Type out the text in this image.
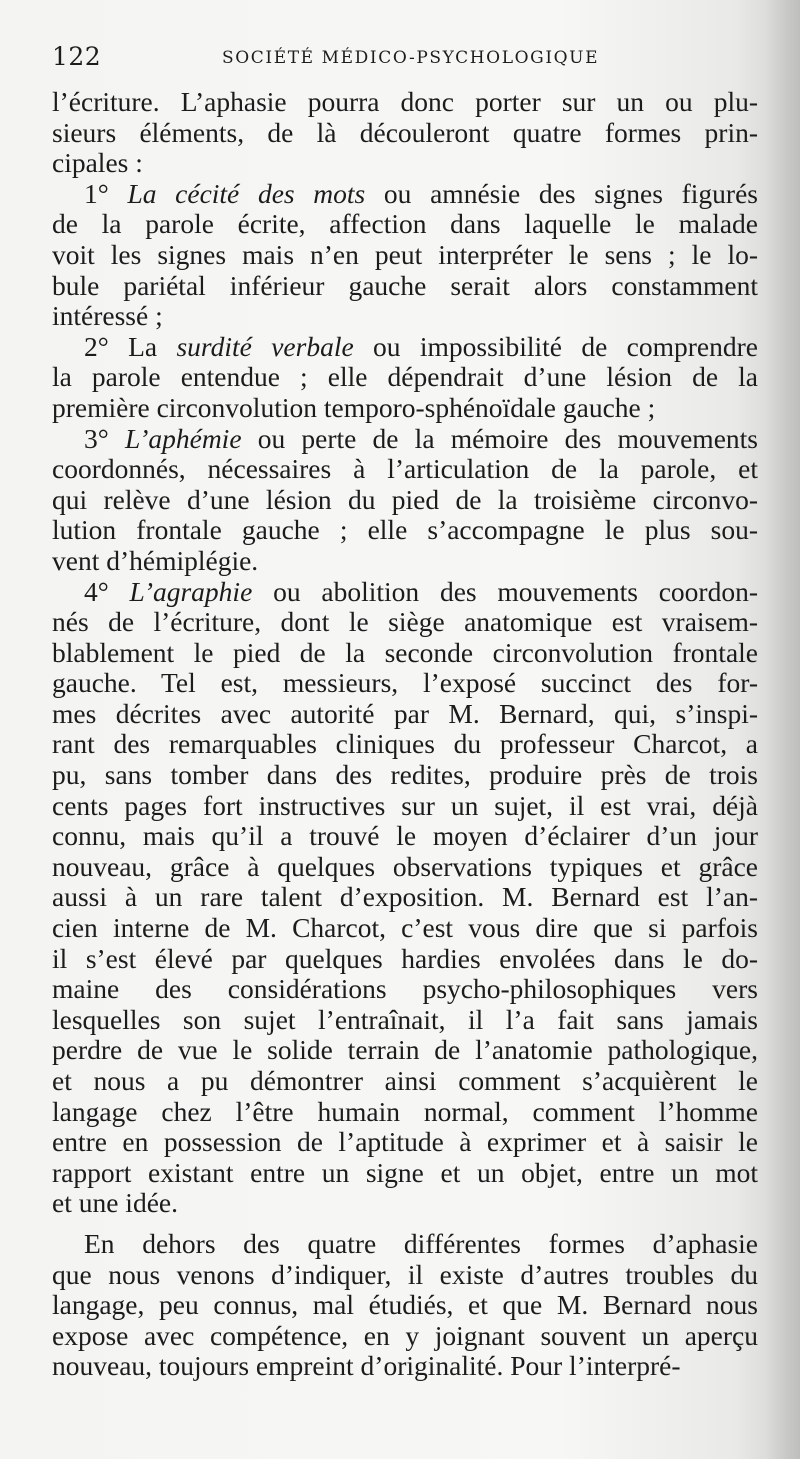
122	SOCIÉTÉ MÉDICO-PSYCHOLOGIQUE
l’écriture. L’aphasie pourra donc porter sur un ou plu-
sieurs éléments, de là découleront quatre formes prin-
cipales :
1° La cécité des mots ou amnésie des signes figurés
de la parole écrite, affection dans laquelle le malade
voit les signes mais n’en peut interpréter le sens ; le lo-
bule pariétal inférieur gauche serait alors constamment
intéressé ;
2° La surdité verbale ou impossibilité de comprendre
la parole entendue ; elle dépendrait d’une lésion de la
première circonvolution temporo-sphénoïdale gauche ;
3° L’aphémie ou perte de la mémoire des mouvements
coordonnés, nécessaires à l’articulation de la parole, et
qui relève d’une lésion du pied de la troisième circonvo-
lution frontale gauche ; elle s’accompagne le plus sou-
vent d’hémiplégie.
4° L’agraphie ou abolition des mouvements coordon-
nés de l’écriture, dont le siège anatomique est vraisem-
blablement le pied de la seconde circonvolution frontale
gauche. Tel est, messieurs, l’exposé succinct des for-
mes décrites avec autorité par M. Bernard, qui, s’inspi-
rant des remarquables cliniques du professeur Charcot, a
pu, sans tomber dans des redites, produire près de trois
cents pages fort instructives sur un sujet, il est vrai, déjà
connu, mais qu’il a trouvé le moyen d’éclairer d’un jour
nouveau, grâce à quelques observations typiques et grâce
aussi à un rare talent d’exposition. M. Bernard est l’an-
cien interne de M. Charcot, c’est vous dire que si parfois
il s’est élevé par quelques hardies envolées dans le do-
maine des considérations psycho-philosophiques vers
lesquelles son sujet l’entraînait, il l’a fait sans jamais
perdre de vue le solide terrain de l’anatomie pathologique,
et nous a pu démontrer ainsi comment s’acquièrent le
langage chez l’être humain normal, comment l’homme
entre en possession de l’aptitude à exprimer et à saisir le
rapport existant entre un signe et un objet, entre un mot
et une idée.
En dehors des quatre différentes formes d’aphasie
que nous venons d’indiquer, il existe d’autres troubles du
langage, peu connus, mal étudiés, et que M. Bernard nous
expose avec compétence, en y joignant souvent un aperçu
nouveau, toujours empreint d’originalité. Pour l’interpré-
